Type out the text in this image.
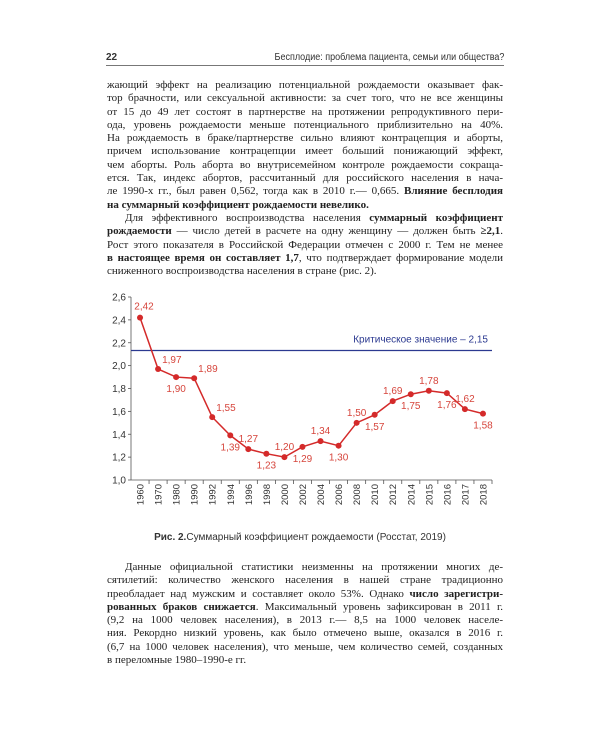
22	Бесплодие: проблема пациента, семьи или общества?
жающий эффект на реализацию потенциальной рождаемости оказывает фак-
тор брачности, или сексуальной активности: за счет того, что не все женщины
от 15 до 49 лет состоят в партнерстве на протяжении репродуктивного пери-
ода, уровень рождаемости меньше потенциального приблизительно на 40%.
На рождаемость в браке/партнерстве сильно влияют контрацепция и аборты,
причем использование контрацепции имеет больший понижающий эффект,
чем аборты. Роль аборта во внутрисемейном контроле рождаемости сокраща-
ется. Так, индекс абортов, рассчитанный для российского населения в нача-
ле 1990-х гг., был равен 0,562, тогда как в 2010 г.— 0,665. Влияние бесплодия
на суммарный коэффициент рождаемости невелико.
Для эффективного воспроизводства населения суммарный коэффициент
рождаемости — число детей в расчете на одну женщину — должен быть ≥2,1.
Рост этого показателя в Российской Федерации отмечен с 2000 г. Тем не менее
в настоящее время он составляет 1,7, что подтверждает формирование модели
сниженного воспроизводства населения в стране (рис. 2).
1,0
1,2
1,4
1,6
1,8
2,0
2,2
2,4
2,6
1960 1970 1980 1990 1992 1994 1996 1998 2000 2002 2004 2006 2008 2010 2012 2014 2015 2016 2017 2018
Критическое значение – 2,15
2,42
1,97
1,90
1,89
1,55
1,39
1,27
1,23
1,20
1,29
1,34
1,30
1,50
1,57
1,69
1,75
1,78
1,76
1,62
1,58
Рис. 2.Суммарный коэффициент рождаемости (Росстат, 2019)
Данные официальной статистики неизменны на протяжении многих де-
сятилетий: количество женского населения в нашей стране традиционно
преобладает над мужским и составляет около 53%. Однако число зарегистри-
рованных браков снижается. Максимальный уровень зафиксирован в 2011 г.
(9,2 на 1000 человек населения), в 2013 г.— 8,5 на 1000 человек населе-
ния. Рекордно низкий уровень, как было отмечено выше, оказался в 2016 г.
(6,7 на 1000 человек населения), что меньше, чем количество семей, созданных
в переломные 1980–1990-е гг.
